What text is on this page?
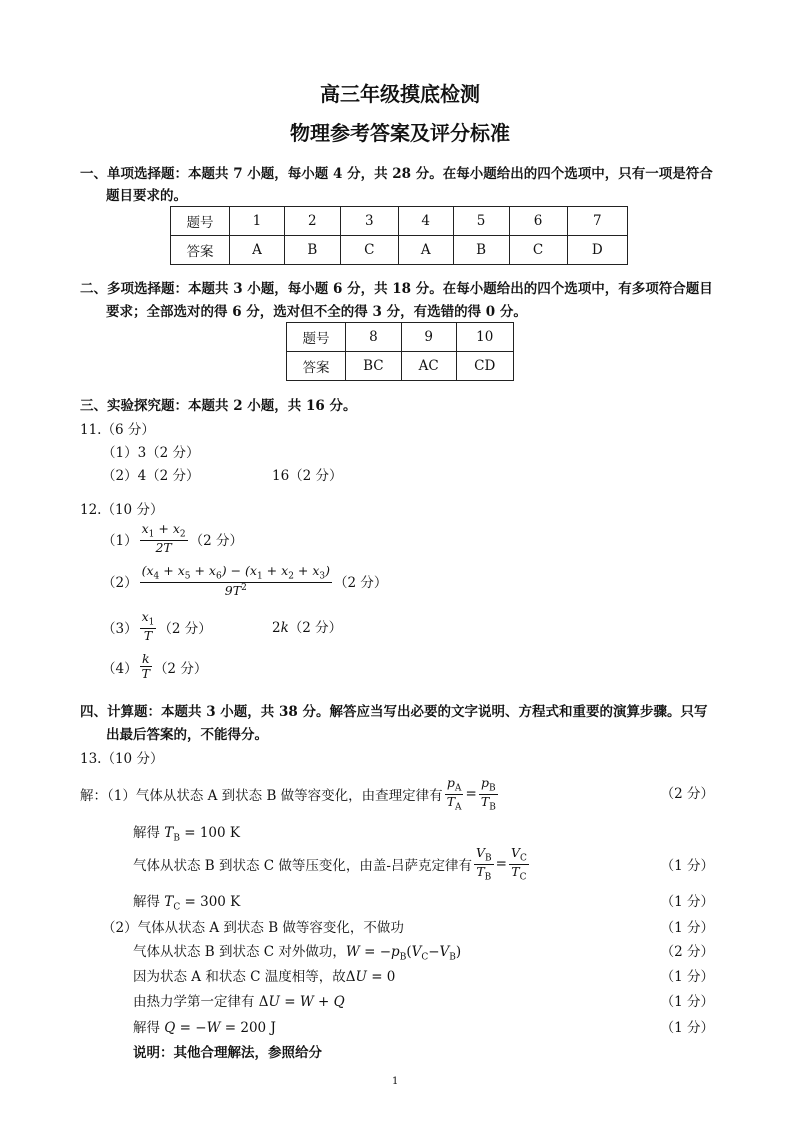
高三年级摸底检测
物理参考答案及评分标准
一、单项选择题：本题共 7 小题，每小题 4 分，共 28 分。在每小题给出的四个选项中，只有一项是符合
题目要求的。
题号	1	2	3	4	5	6	7
答案	A	B	C	A	B	C	D
二、多项选择题：本题共 3 小题，每小题 6 分，共 18 分。在每小题给出的四个选项中，有多项符合题目
要求；全部选对的得 6 分，选对但不全的得 3 分，有选错的得 0 分。
题号	8	9	10
答案	BC	AC	CD
三、实验探究题：本题共 2 小题，共 16 分。
11.（6 分）
（1）3（2 分）
（2）4（2 分）	16（2 分）
12.（10 分）
$(1) \frac{x_1 + x_2}{2T} (2$ 分）
$(2) \frac{(x_4 + x_5 + x_6) - (x_1 + x_2 + x_3)}{9T^2} (2$ 分）
$(3) \frac{x_1}{T} (2$ 分）	2k（2 分）
$(4) \frac{k}{T} (2$ 分）
四、计算题：本题共 3 小题，共 38 分。解答应当写出必要的文字说明、方程式和重要的演算步骤。只写
出最后答案的，不能得分。
13.（10 分）
解：（1） 气体从状态 A 到状态 B 做等容变化，由查理定律有 $\frac{p_A}{T_A} = \frac{p_B}{T_B}$	（2 分）
解得 $T_B = 100$ K
气体从状态 B 到状态 C 做等压变化，由盖-吕萨克定律有 $\frac{V_B}{T_B} = \frac{V_C}{T_C}$	（1 分）
解得 $T_C = 300$ K	（1 分）
（2）气体从状态 A 到状态 B 做等容变化，不做功	（1 分）
气体从状态 B 到状态 C 对外做功，$W = -p_B(V_C-V_B)$	（2 分）
因为状态 A 和状态 C 温度相等，故ΔU = 0	（1 分）
由热力学第一定律有 ΔU = W + Q	（1 分）
解得 Q = −W = 200 J	（1 分）
说明：其他合理解法，参照给分
1
